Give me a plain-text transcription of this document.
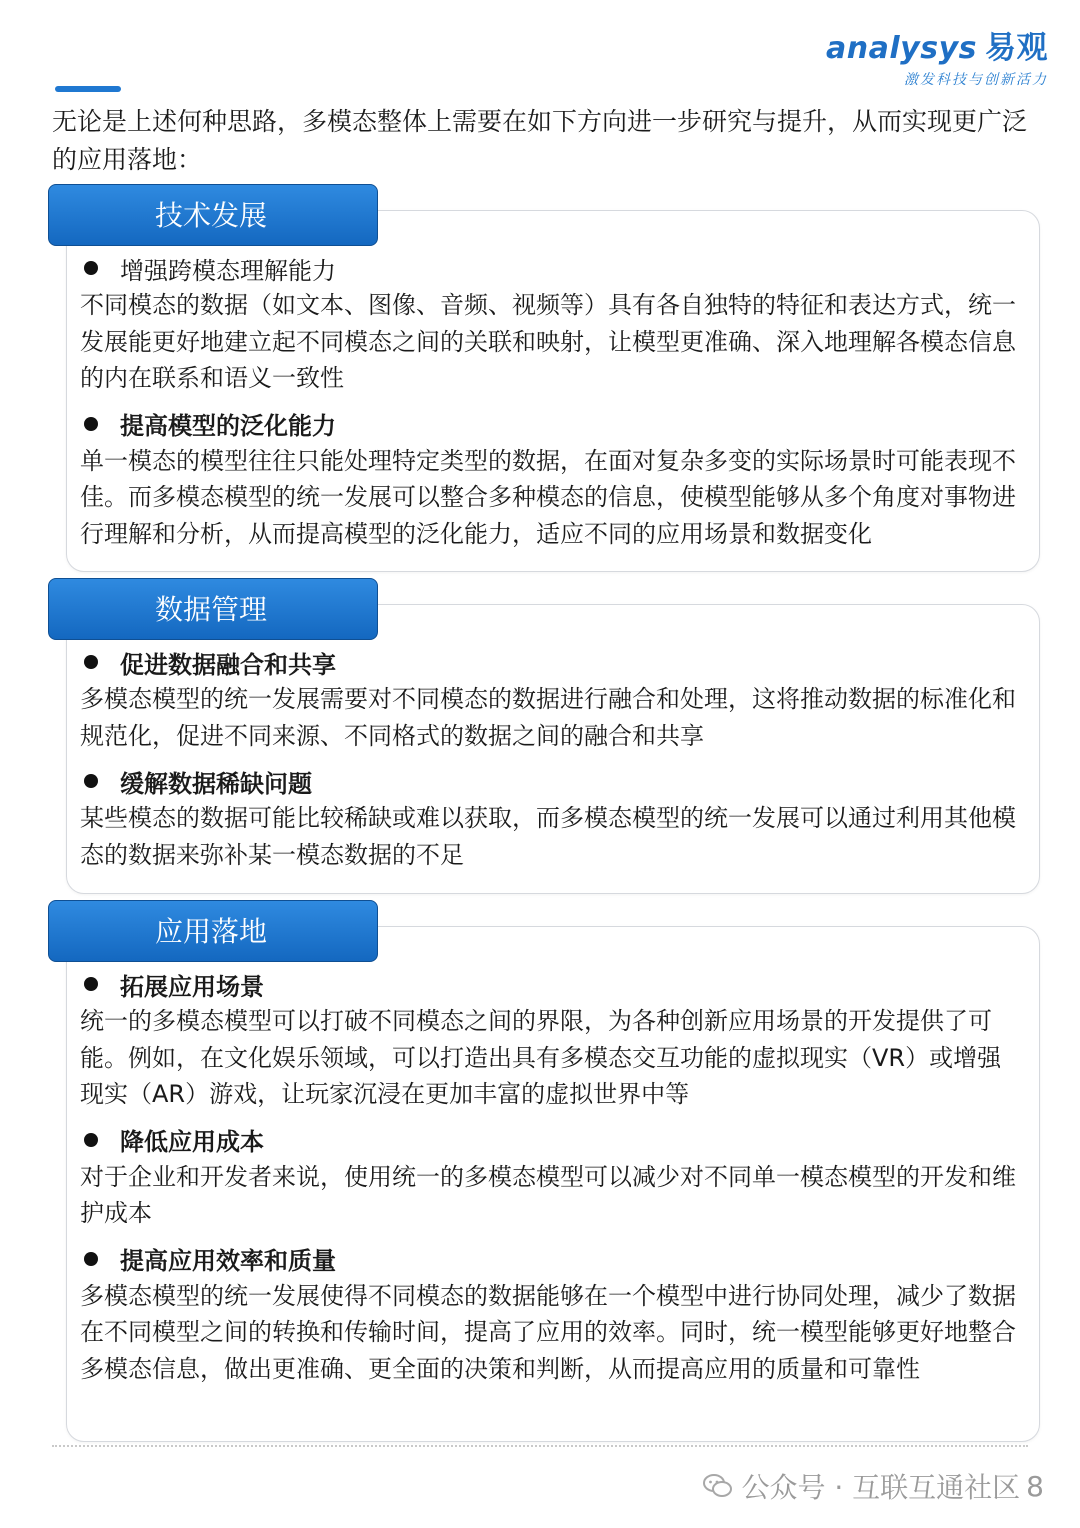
analysys 易观
激发科技与创新活力
无论是上述何种思路，多模态整体上需要在如下方向进一步研究与提升，从而实现更广泛的应用落地：
技术发展
增强跨模态理解能力
不同模态的数据（如文本、图像、音频、视频等）具有各自独特的特征和表达方式，统一发展能更好地建立起不同模态之间的关联和映射，让模型更准确、深入地理解各模态信息的内在联系和语义一致性
提高模型的泛化能力
单一模态的模型往往只能处理特定类型的数据，在面对复杂多变的实际场景时可能表现不佳。而多模态模型的统一发展可以整合多种模态的信息，使模型能够从多个角度对事物进行理解和分析，从而提高模型的泛化能力，适应不同的应用场景和数据变化
数据管理
促进数据融合和共享
多模态模型的统一发展需要对不同模态的数据进行融合和处理，这将推动数据的标准化和规范化，促进不同来源、不同格式的数据之间的融合和共享
缓解数据稀缺问题
某些模态的数据可能比较稀缺或难以获取，而多模态模型的统一发展可以通过利用其他模态的数据来弥补某一模态数据的不足
应用落地
拓展应用场景
统一的多模态模型可以打破不同模态之间的界限，为各种创新应用场景的开发提供了可能。例如，在文化娱乐领域，可以打造出具有多模态交互功能的虚拟现实（VR）或增强现实（AR）游戏，让玩家沉浸在更加丰富的虚拟世界中等
降低应用成本
对于企业和开发者来说，使用统一的多模态模型可以减少对不同单一模态模型的开发和维护成本
提高应用效率和质量
多模态模型的统一发展使得不同模态的数据能够在一个模型中进行协同处理，减少了数据在不同模型之间的转换和传输时间，提高了应用的效率。同时，统一模型能够更好地整合多模态信息，做出更准确、更全面的决策和判断，从而提高应用的质量和可靠性
公众号 · 互联互通社区 8
